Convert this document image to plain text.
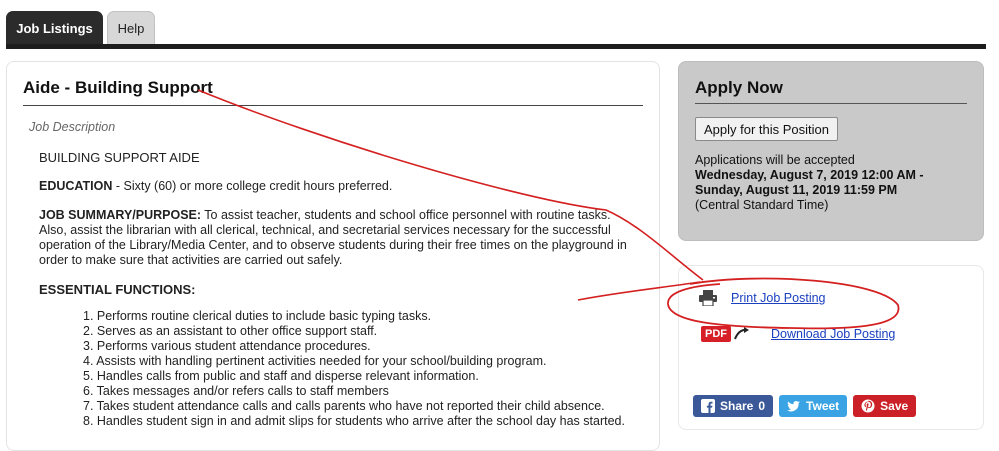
Job Listings	Help
Aide - Building Support
Job Description

BUILDING SUPPORT AIDE

EDUCATION - Sixty (60) or more college credit hours preferred.

JOB SUMMARY/PURPOSE: To assist teacher, students and school office personnel with routine tasks. Also, assist the librarian with all clerical, technical, and secretarial services necessary for the successful operation of the Library/Media Center, and to observe students during their free times on the playground in order to make sure that activities are carried out safely.

ESSENTIAL FUNCTIONS:
1. Performs routine clerical duties to include basic typing tasks.
2. Serves as an assistant to other office support staff.
3. Performs various student attendance procedures.
4. Assists with handling pertinent activities needed for your school/building program.
5. Handles calls from public and staff and disperse relevant information.
6. Takes messages and/or refers calls to staff members
7. Takes student attendance calls and calls parents who have not reported their child absence.
8. Handles student sign in and admit slips for students who arrive after the school day has started.
Apply Now
Apply for this Position
Applications will be accepted
Wednesday, August 7, 2019 12:00 AM -
Sunday, August 11, 2019 11:59 PM
(Central Standard Time)
Print Job Posting
PDF	Download Job Posting
Share 0	Tweet	Save
